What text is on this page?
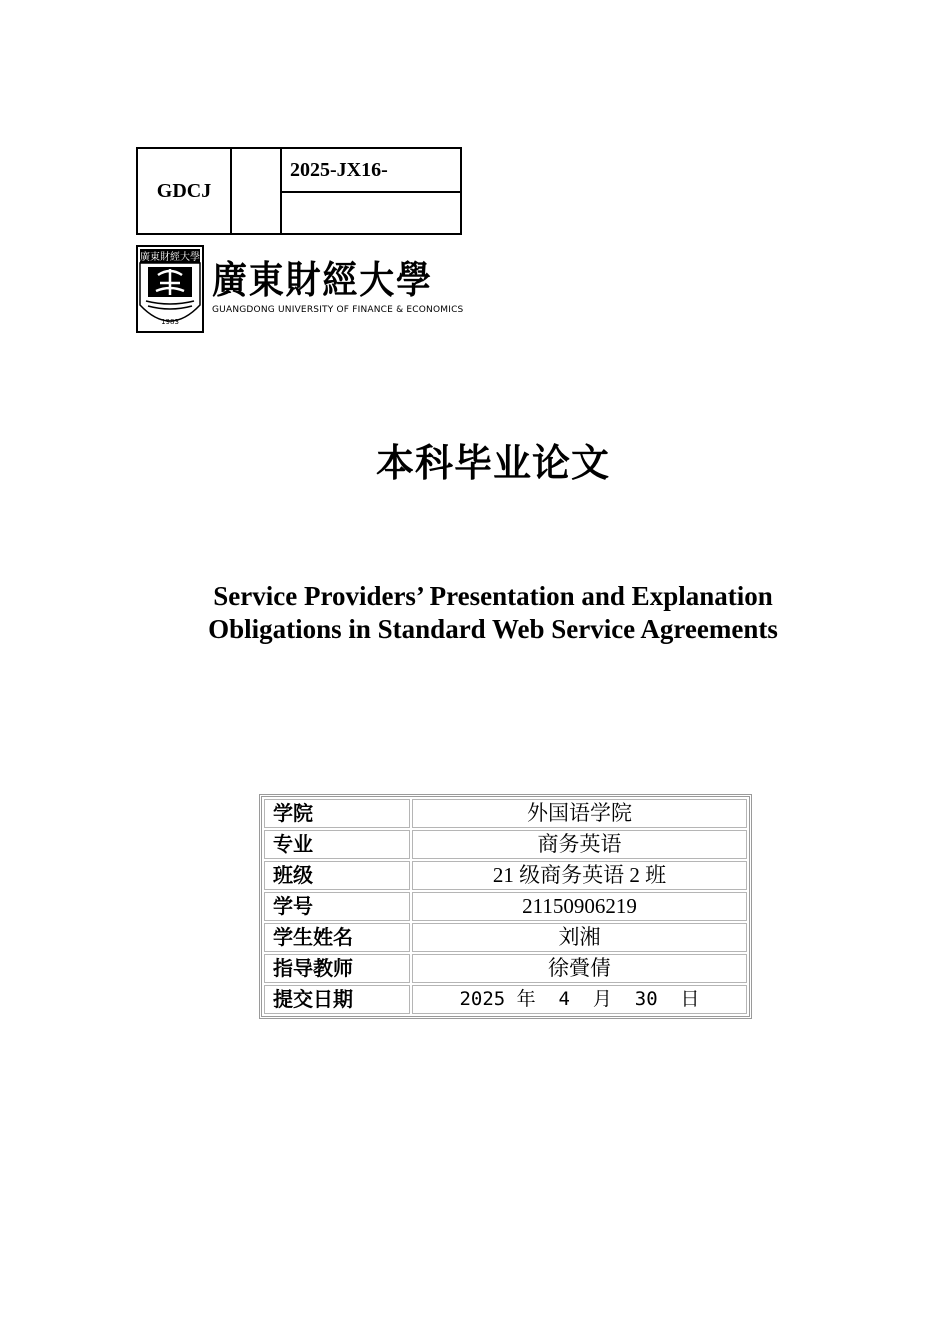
GDCJ
2025-JX16-
廣東財經大學
1983
廣東財經大學
GUANGDONG UNIVERSITY OF FINANCE & ECONOMICS
本科毕业论文
Service Providers’ Presentation and Explanation
Obligations in Standard Web Service Agreements
学院	外国语学院
专业	商务英语
班级	21 级商务英语 2 班
学号	21150906219
学生姓名	刘湘
指导教师	徐賫倩
提交日期	2025 年  4  月  30  日
